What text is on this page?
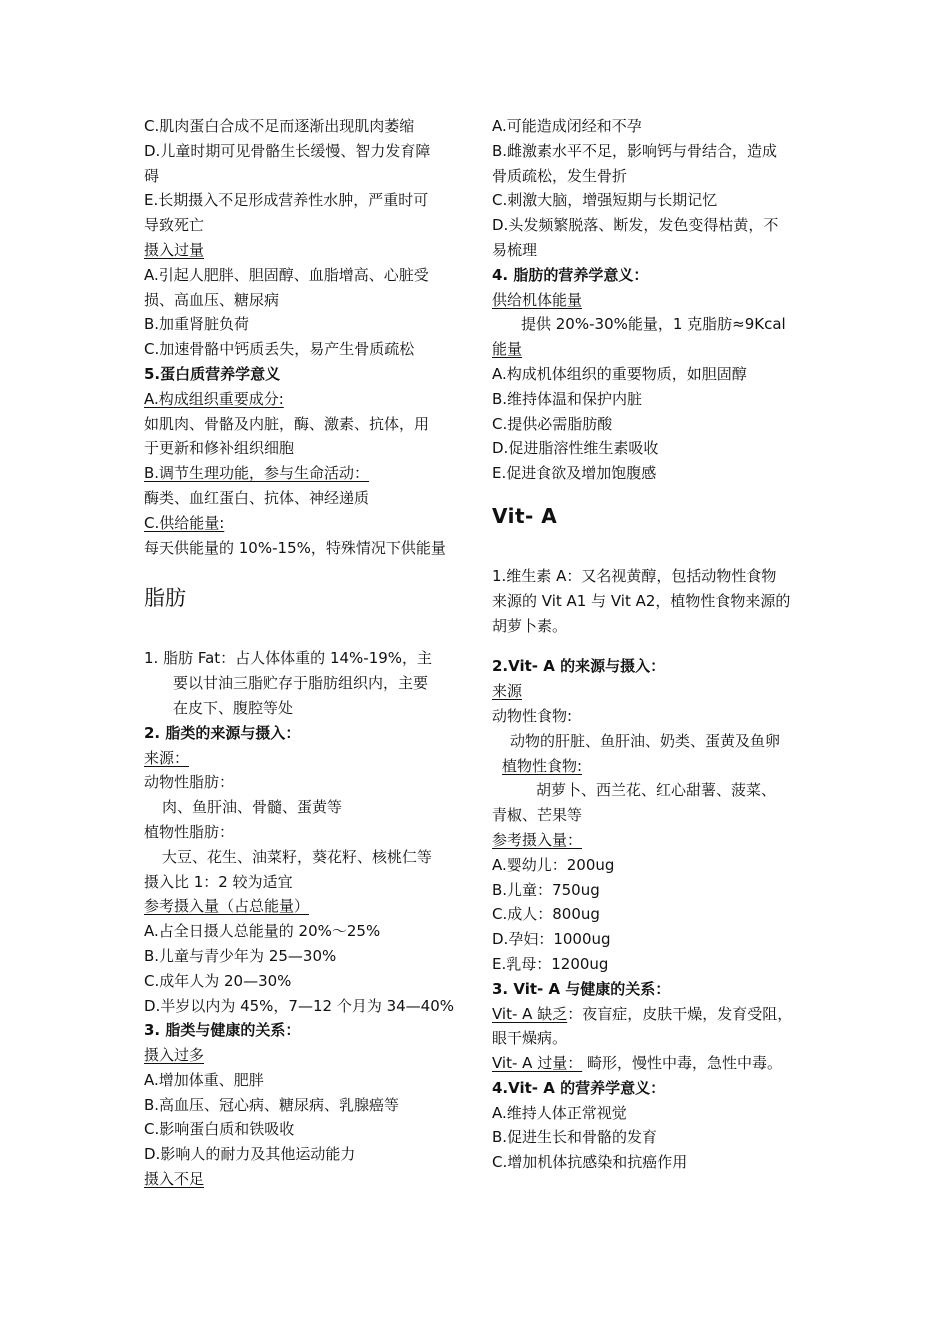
C.肌肉蛋白合成不足而逐渐出现肌肉萎缩
D.儿童时期可见骨骼生长缓慢、智力发育障
碍
E.长期摄入不足形成营养性水肿，严重时可
导致死亡
摄入过量
A.引起人肥胖、胆固醇、血脂增高、心脏受
损、高血压、糖尿病
B.加重肾脏负荷
C.加速骨骼中钙质丢失，易产生骨质疏松
5.蛋白质营养学意义
A.构成组织重要成分:
如肌肉、骨骼及内脏，酶、激素、抗体，用
于更新和修补组织细胞
B.调节生理功能，参与生命活动：
酶类、血红蛋白、抗体、神经递质
C.供给能量:
每天供能量的 10%-15%，特殊情况下供能量
脂肪
1. 脂肪 Fat：占人体体重的 14%-19%，主
要以甘油三脂贮存于脂肪组织内，主要
在皮下、腹腔等处
2. 脂类的来源与摄入：
来源：
动物性脂肪：
肉、鱼肝油、骨髓、蛋黄等
植物性脂肪：
大豆、花生、油菜籽，葵花籽、核桃仁等
摄入比 1：2 较为适宜
参考摄入量（占总能量）
A.占全日摄人总能量的 20%～25%
B.儿童与青少年为 25—30%
C.成年人为 20—30%
D.半岁以内为 45%，7—12 个月为 34—40%
3. 脂类与健康的关系：
摄入过多
A.增加体重、肥胖
B.高血压、冠心病、糖尿病、乳腺癌等
C.影响蛋白质和铁吸收
D.影响人的耐力及其他运动能力
摄入不足
A.可能造成闭经和不孕
B.雌激素水平不足，影响钙与骨结合，造成
骨质疏松，发生骨折
C.刺激大脑，增强短期与长期记忆
D.头发频繁脱落、断发，发色变得枯黄，不
易梳理
4. 脂肪的营养学意义：
供给机体能量
提供 20%-30%能量，1 克脂肪≈9Kcal
能量
A.构成机体组织的重要物质，如胆固醇
B.维持体温和保护内脏
C.提供必需脂肪酸
D.促进脂溶性维生素吸收
E.促进食欲及增加饱腹感
Vit- A
1.维生素 A：又名视黄醇，包括动物性食物
来源的 Vit A1 与 Vit A2，植物性食物来源的
胡萝卜素。
2.Vit- A 的来源与摄入：
来源
动物性食物:
动物的肝脏、鱼肝油、奶类、蛋黄及鱼卵
植物性食物:
胡萝卜、西兰花、红心甜薯、菠菜、
青椒、芒果等
参考摄入量：
A.婴幼儿：200ug
B.儿童：750ug
C.成人：800ug
D.孕妇：1000ug
E.乳母：1200ug
3. Vit- A 与健康的关系：
Vit- A 缺乏：夜盲症，皮肤干燥，发育受阻，
眼干燥病。
Vit- A 过量： 畸形，慢性中毒，急性中毒。
4.Vit- A 的营养学意义：
A.维持人体正常视觉
B.促进生长和骨骼的发育
C.增加机体抗感染和抗癌作用
